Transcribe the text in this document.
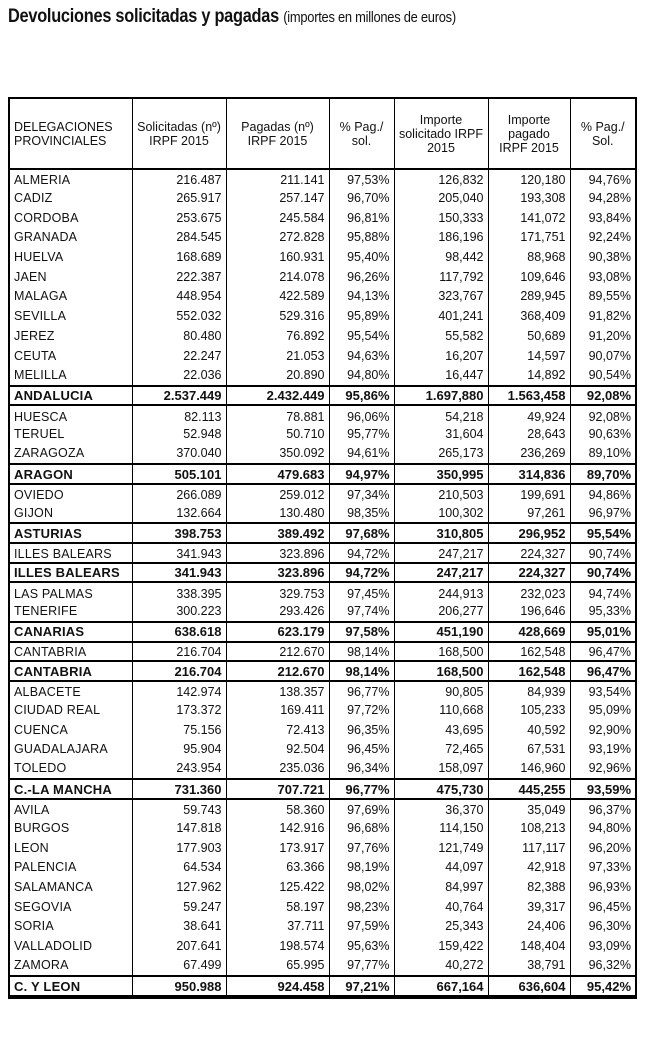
Devoluciones solicitadas y pagadas (importes en millones de euros)
DELEGACIONES PROVINCIALES	Solicitadas (nº) IRPF 2015	Pagadas (nº) IRPF 2015	% Pag./ sol.	Importe solicitado IRPF 2015	Importe pagado IRPF 2015	% Pag./ Sol.
ALMERIA	216.487	211.141	97,53%	126,832	120,180	94,76%
CADIZ	265.917	257.147	96,70%	205,040	193,308	94,28%
CORDOBA	253.675	245.584	96,81%	150,333	141,072	93,84%
GRANADA	284.545	272.828	95,88%	186,196	171,751	92,24%
HUELVA	168.689	160.931	95,40%	98,442	88,968	90,38%
JAEN	222.387	214.078	96,26%	117,792	109,646	93,08%
MALAGA	448.954	422.589	94,13%	323,767	289,945	89,55%
SEVILLA	552.032	529.316	95,89%	401,241	368,409	91,82%
JEREZ	80.480	76.892	95,54%	55,582	50,689	91,20%
CEUTA	22.247	21.053	94,63%	16,207	14,597	90,07%
MELILLA	22.036	20.890	94,80%	16,447	14,892	90,54%
ANDALUCIA	2.537.449	2.432.449	95,86%	1.697,880	1.563,458	92,08%
HUESCA	82.113	78.881	96,06%	54,218	49,924	92,08%
TERUEL	52.948	50.710	95,77%	31,604	28,643	90,63%
ZARAGOZA	370.040	350.092	94,61%	265,173	236,269	89,10%
ARAGON	505.101	479.683	94,97%	350,995	314,836	89,70%
OVIEDO	266.089	259.012	97,34%	210,503	199,691	94,86%
GIJON	132.664	130.480	98,35%	100,302	97,261	96,97%
ASTURIAS	398.753	389.492	97,68%	310,805	296,952	95,54%
ILLES BALEARS	341.943	323.896	94,72%	247,217	224,327	90,74%
ILLES BALEARS	341.943	323.896	94,72%	247,217	224,327	90,74%
LAS PALMAS	338.395	329.753	97,45%	244,913	232,023	94,74%
TENERIFE	300.223	293.426	97,74%	206,277	196,646	95,33%
CANARIAS	638.618	623.179	97,58%	451,190	428,669	95,01%
CANTABRIA	216.704	212.670	98,14%	168,500	162,548	96,47%
CANTABRIA	216.704	212.670	98,14%	168,500	162,548	96,47%
ALBACETE	142.974	138.357	96,77%	90,805	84,939	93,54%
CIUDAD REAL	173.372	169.411	97,72%	110,668	105,233	95,09%
CUENCA	75.156	72.413	96,35%	43,695	40,592	92,90%
GUADALAJARA	95.904	92.504	96,45%	72,465	67,531	93,19%
TOLEDO	243.954	235.036	96,34%	158,097	146,960	92,96%
C.-LA MANCHA	731.360	707.721	96,77%	475,730	445,255	93,59%
AVILA	59.743	58.360	97,69%	36,370	35,049	96,37%
BURGOS	147.818	142.916	96,68%	114,150	108,213	94,80%
LEON	177.903	173.917	97,76%	121,749	117,117	96,20%
PALENCIA	64.534	63.366	98,19%	44,097	42,918	97,33%
SALAMANCA	127.962	125.422	98,02%	84,997	82,388	96,93%
SEGOVIA	59.247	58.197	98,23%	40,764	39,317	96,45%
SORIA	38.641	37.711	97,59%	25,343	24,406	96,30%
VALLADOLID	207.641	198.574	95,63%	159,422	148,404	93,09%
ZAMORA	67.499	65.995	97,77%	40,272	38,791	96,32%
C. Y LEON	950.988	924.458	97,21%	667,164	636,604	95,42%
